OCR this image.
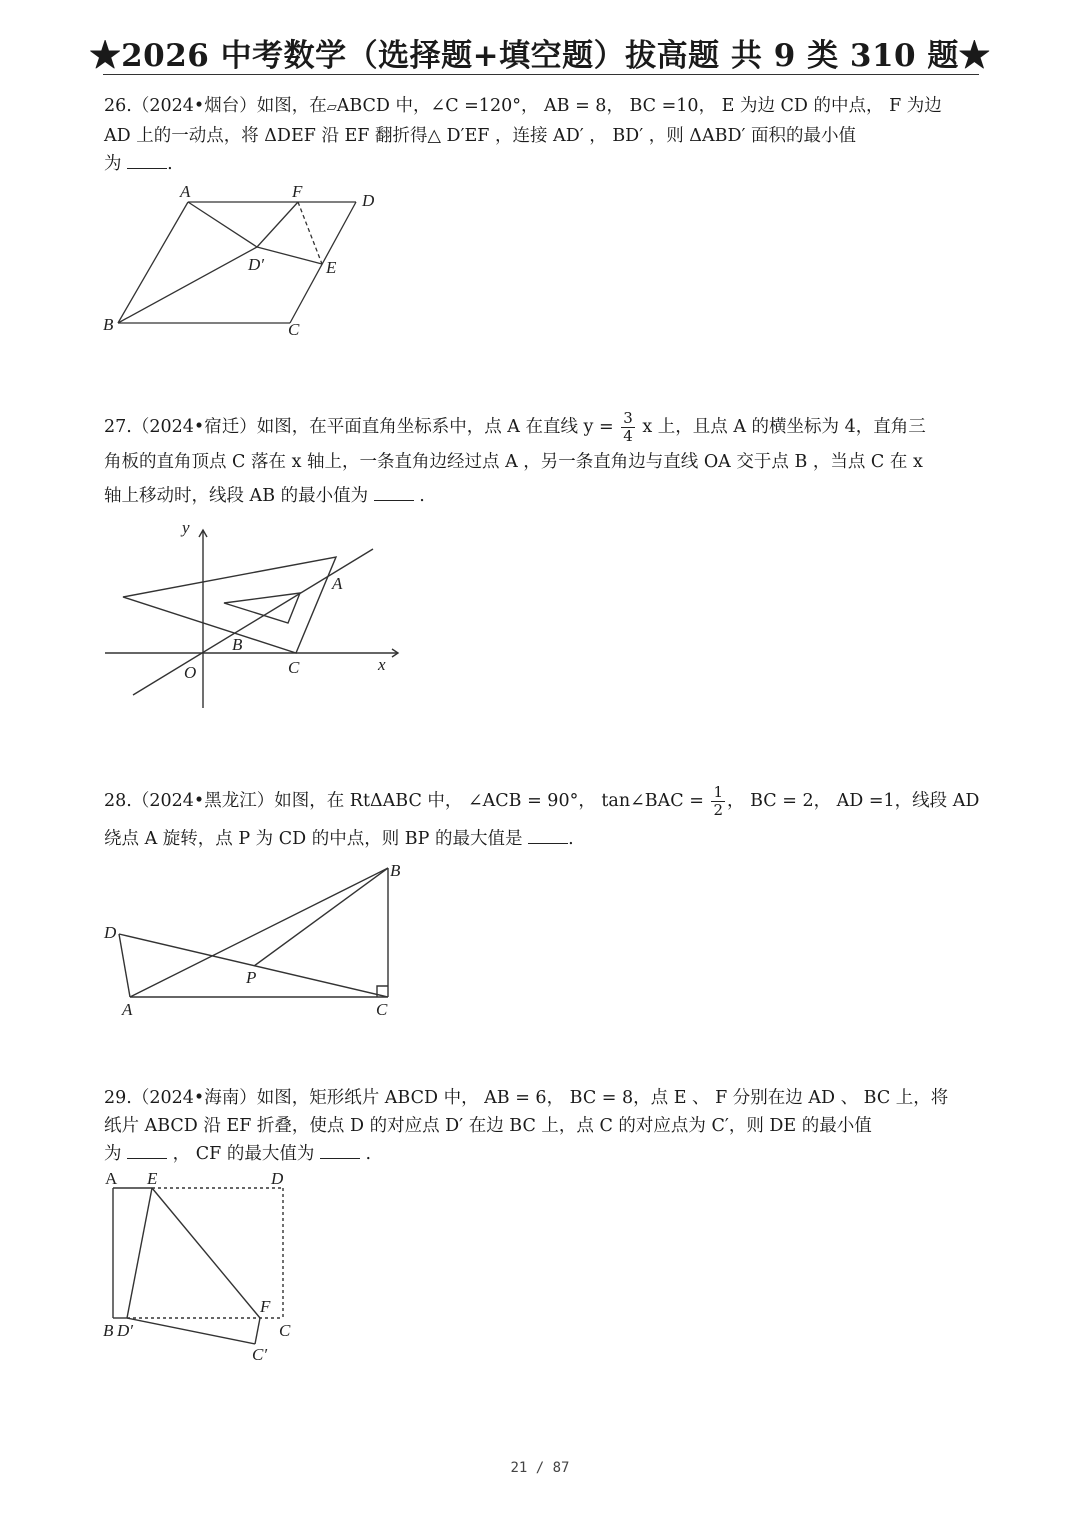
★2026 中考数学（选择题+填空题）拔高题 共 9 类 310 题★
26.（2024•烟台）如图，在▱ABCD 中，∠C =120°， AB = 8， BC =10， E 为边 CD 的中点， F 为边
AD 上的一动点，将 ΔDEF 沿 EF 翻折得△ D′EF ，连接 AD′ ， BD′ ，则 ΔABD′ 面积的最小值
为	.
A	F	D
D′	E
B	C
27.（2024•宿迁）如图，在平面直角坐标系中，点 A 在直线 $y = \frac{3}{4}$ x 上，且点 A 的横坐标为 4，直角三
角板的直角顶点 C 落在 x 轴上，一条直角边经过点 A ，另一条直角边与直线 OA 交于点 B ，当点 C 在 x
轴上移动时，线段 AB 的最小值为	.
y
x
O
A
B
C
28.（2024•黑龙江）如图，在 RtΔABC 中， ∠ACB = 90°， tan∠BAC = $\frac{1}{2}$ ， BC = 2， AD =1，线段 AD
绕点 A 旋转，点 P 为 CD 的中点，则 BP 的最大值是	.
B
D
P
A	C
29.（2024•海南）如图，矩形纸片 ABCD 中， AB = 6， BC = 8，点 E 、 F 分别在边 AD 、 BC 上，将
纸片 ABCD 沿 EF 折叠，使点 D 的对应点 D′ 在边 BC 上，点 C 的对应点为 C′，则 DE 的最小值
为	， CF 的最大值为	.
A E	D
F
B D′	C
C′
21 / 87
